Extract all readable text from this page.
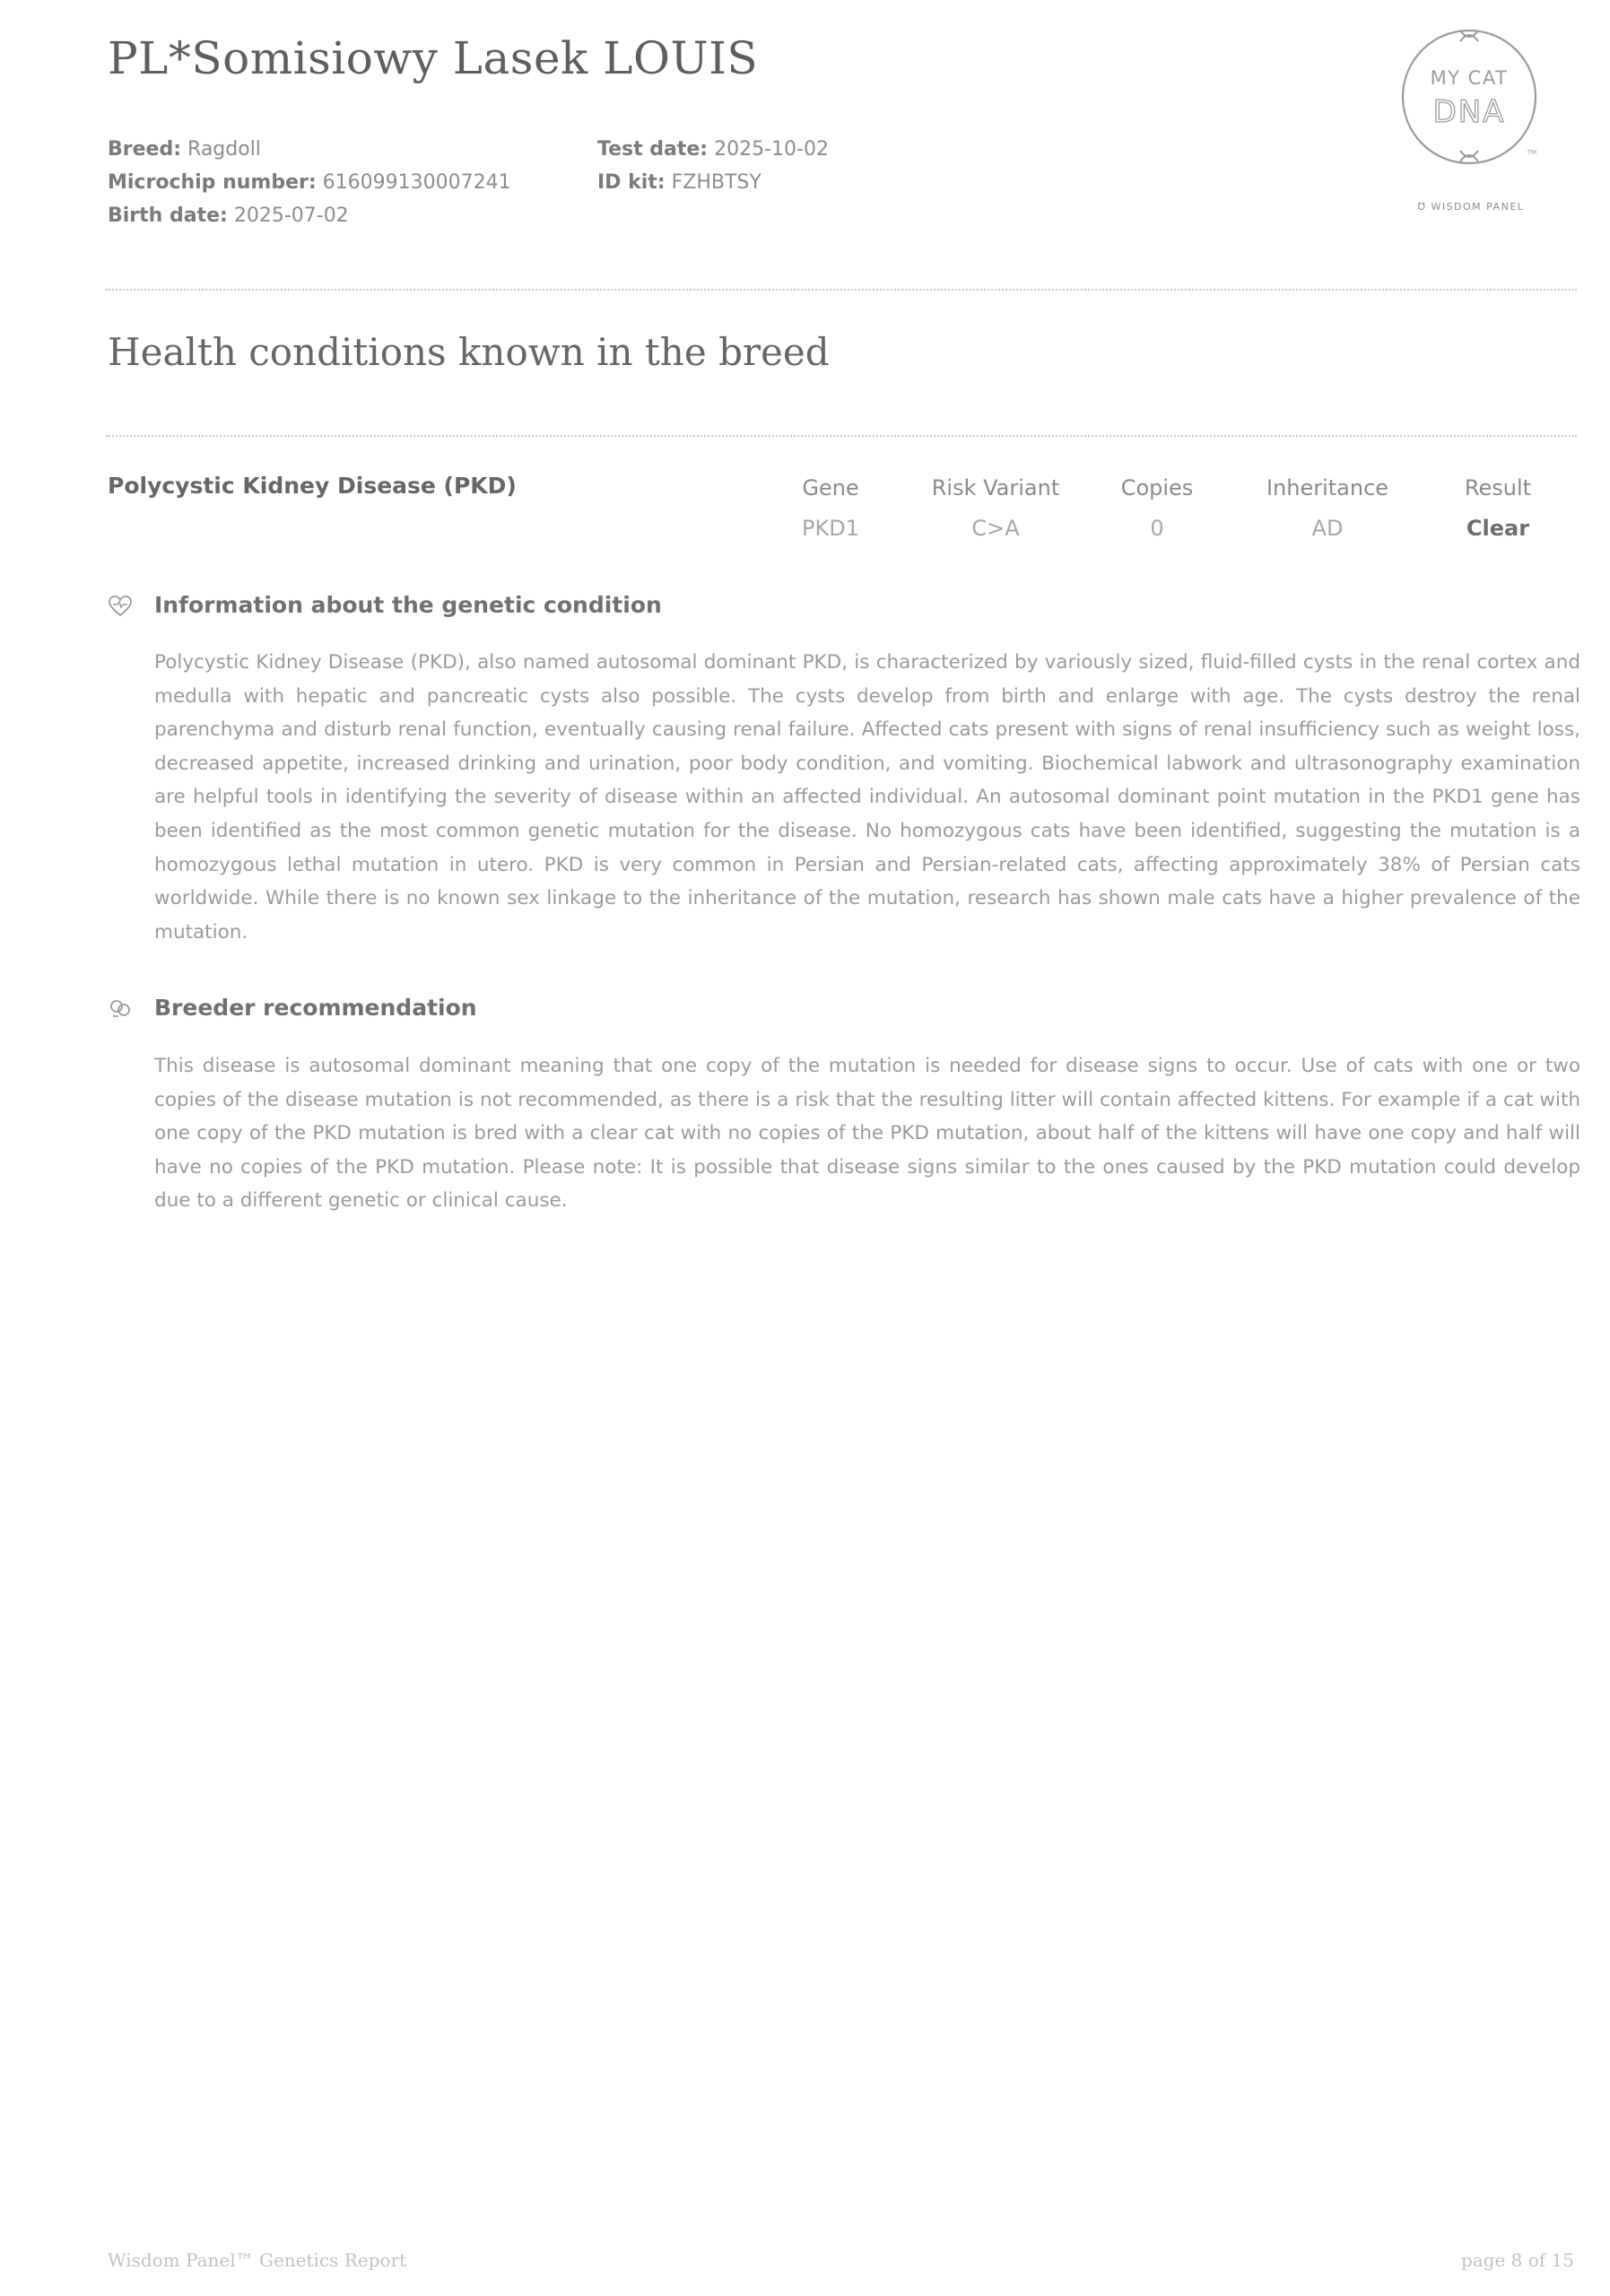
PL*Somisiowy Lasek LOUIS
Breed: Ragdoll
Microchip number: 616099130007241
Birth date: 2025-07-02
Test date: 2025-10-02
ID kit: FZHBTSY
MY CAT
DNA
TM
℧ WISDOM PANEL
Health conditions known in the breed
Polycystic Kidney Disease (PKD)	Gene
PKD1
Risk Variant
C>A
Copies
0
Inheritance
AD
Result
Clear
Information about the genetic condition
Polycystic Kidney Disease (PKD), also named autosomal dominant PKD, is characterized by variously sized, fluid-filled cysts in the renal cortex and medulla with hepatic and pancreatic cysts also possible. The cysts develop from birth and enlarge with age. The cysts destroy the renal parenchyma and disturb renal function, eventually causing renal failure. Affected cats present with signs of renal insufficiency such as weight loss, decreased appetite, increased drinking and urination, poor body condition, and vomiting. Biochemical labwork and ultrasonography examination are helpful tools in identifying the severity of disease within an affected individual. An autosomal dominant point mutation in the PKD1 gene has been identified as the most common genetic mutation for the disease. No homozygous cats have been identified, suggesting the mutation is a homozygous lethal mutation in utero. PKD is very common in Persian and Persian-related cats, affecting approximately 38% of Persian cats worldwide. While there is no known sex linkage to the inheritance of the mutation, research has shown male cats have a higher prevalence of the mutation.
Breeder recommendation
This disease is autosomal dominant meaning that one copy of the mutation is needed for disease signs to occur. Use of cats with one or two copies of the disease mutation is not recommended, as there is a risk that the resulting litter will contain affected kittens. For example if a cat with one copy of the PKD mutation is bred with a clear cat with no copies of the PKD mutation, about half of the kittens will have one copy and half will have no copies of the PKD mutation. Please note: It is possible that disease signs similar to the ones caused by the PKD mutation could develop due to a different genetic or clinical cause.
Wisdom Panel™ Genetics Report	page 8 of 15
